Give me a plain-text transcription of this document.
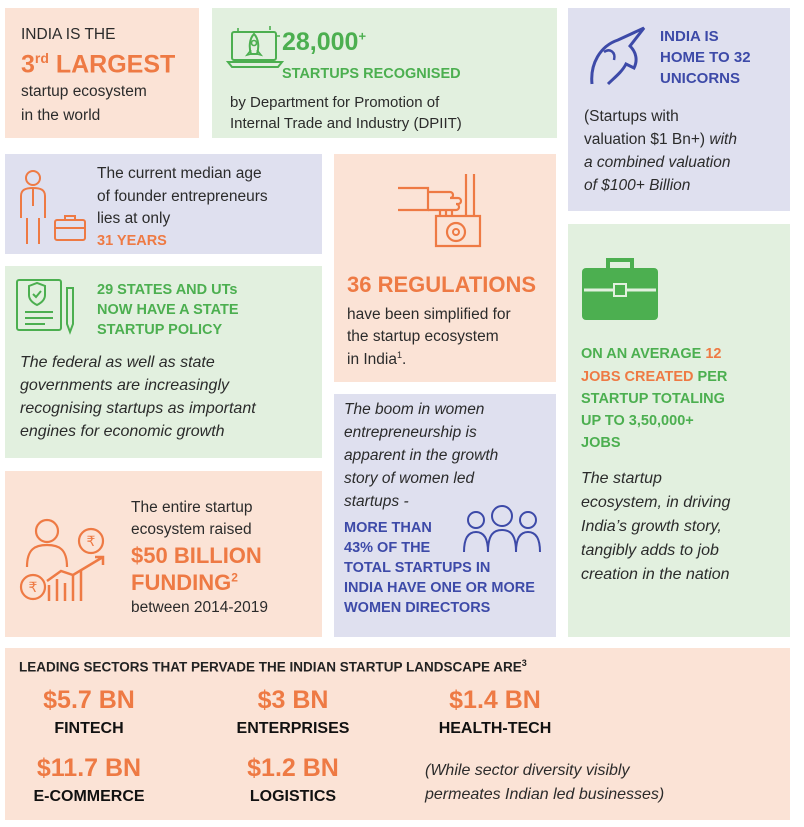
INDIA IS THE

3rd LARGEST

startup ecosystem

in the world

28,000+

STARTUPS RECOGNISED

by Department for Promotion of

Internal Trade and Industry (DPIIT)

INDIA IS

HOME TO 32

UNICORNS

(Startups with

valuation $1 Bn+) with

a combined valuation

of $100+ Billion

The current median age

of founder entrepreneurs

lies at only

31 YEARS

29 STATES AND UTs

NOW HAVE A STATE

STARTUP POLICY

The federal as well as state

governments are increasingly

recognising startups as important

engines for economic growth

36 REGULATIONS

have been simplified for

the startup ecosystem

in India$^1$.

₹
₹

The entire startup

ecosystem raised

$50 BILLION

FUNDING$^2$

between 2014-2019

The boom in women

entrepreneurship is

apparent in the growth

story of women led

startups -

MORE THAN

43% OF THE

TOTAL STARTUPS IN

INDIA HAVE ONE OR MORE

WOMEN DIRECTORS

ON AN AVERAGE 12

JOBS CREATED PER

STARTUP TOTALING

UP TO 3,50,000+

JOBS

The startup

ecosystem, in driving

India’s growth story,

tangibly adds to job

creation in the nation

LEADING SECTORS THAT PERVADE THE INDIAN STARTUP LANDSCAPE ARE$^3$

$5.7 BN
FINTECH
$3 BN
ENTERPRISES
$1.4 BN
HEALTH-TECH
$11.7 BN
E-COMMERCE
$1.2 BN
LOGISTICS

(While sector diversity visibly

permeates Indian led businesses)
